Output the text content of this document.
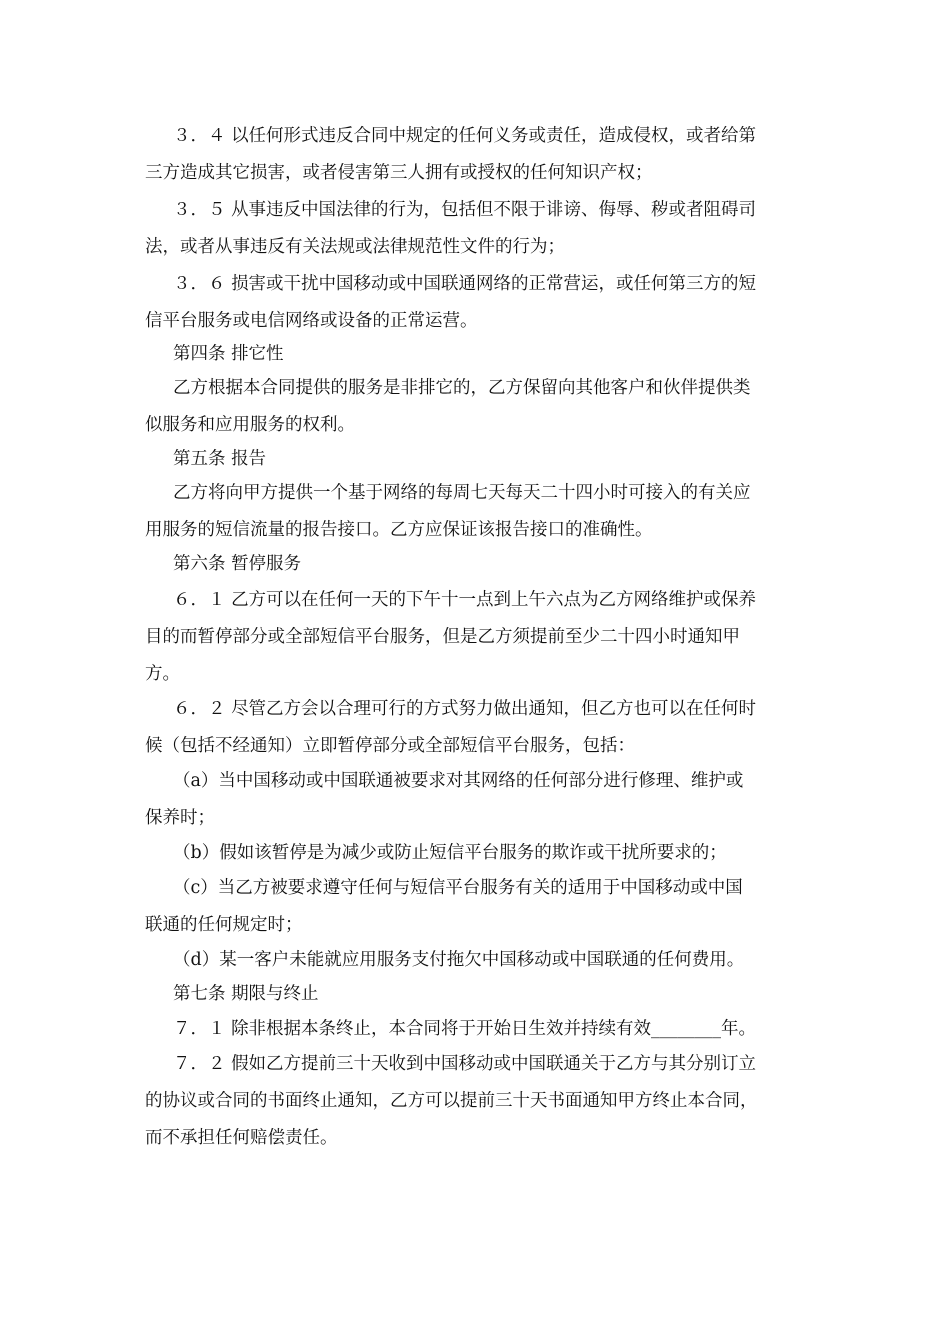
３．４ 以任何形式违反合同中规定的任何义务或责任，造成侵权，或者给第
三方造成其它损害，或者侵害第三人拥有或授权的任何知识产权；
３．５ 从事违反中国法律的行为，包括但不限于诽谤、侮辱、秽或者阻碍司
法，或者从事违反有关法规或法律规范性文件的行为；
３．６ 损害或干扰中国移动或中国联通网络的正常营运，或任何第三方的短
信平台服务或电信网络或设备的正常运营。
第四条 排它性
乙方根据本合同提供的服务是非排它的，乙方保留向其他客户和伙伴提供类
似服务和应用服务的权利。
第五条 报告
乙方将向甲方提供一个基于网络的每周七天每天二十四小时可接入的有关应
用服务的短信流量的报告接口。乙方应保证该报告接口的准确性。
第六条 暂停服务
６．１ 乙方可以在任何一天的下午十一点到上午六点为乙方网络维护或保养
目的而暂停部分或全部短信平台服务，但是乙方须提前至少二十四小时通知甲
方。
６．２ 尽管乙方会以合理可行的方式努力做出通知，但乙方也可以在任何时
候（包括不经通知）立即暂停部分或全部短信平台服务，包括：
（a）当中国移动或中国联通被要求对其网络的任何部分进行修理、维护或
保养时；
（b）假如该暂停是为减少或防止短信平台服务的欺诈或干扰所要求的；
（c）当乙方被要求遵守任何与短信平台服务有关的适用于中国移动或中国
联通的任何规定时；
（d）某一客户未能就应用服务支付拖欠中国移动或中国联通的任何费用。
第七条 期限与终止
７．１ 除非根据本条终止，本合同将于开始日生效并持续有效________年。
７．２ 假如乙方提前三十天收到中国移动或中国联通关于乙方与其分别订立
的协议或合同的书面终止通知，乙方可以提前三十天书面通知甲方终止本合同，
而不承担任何赔偿责任。
